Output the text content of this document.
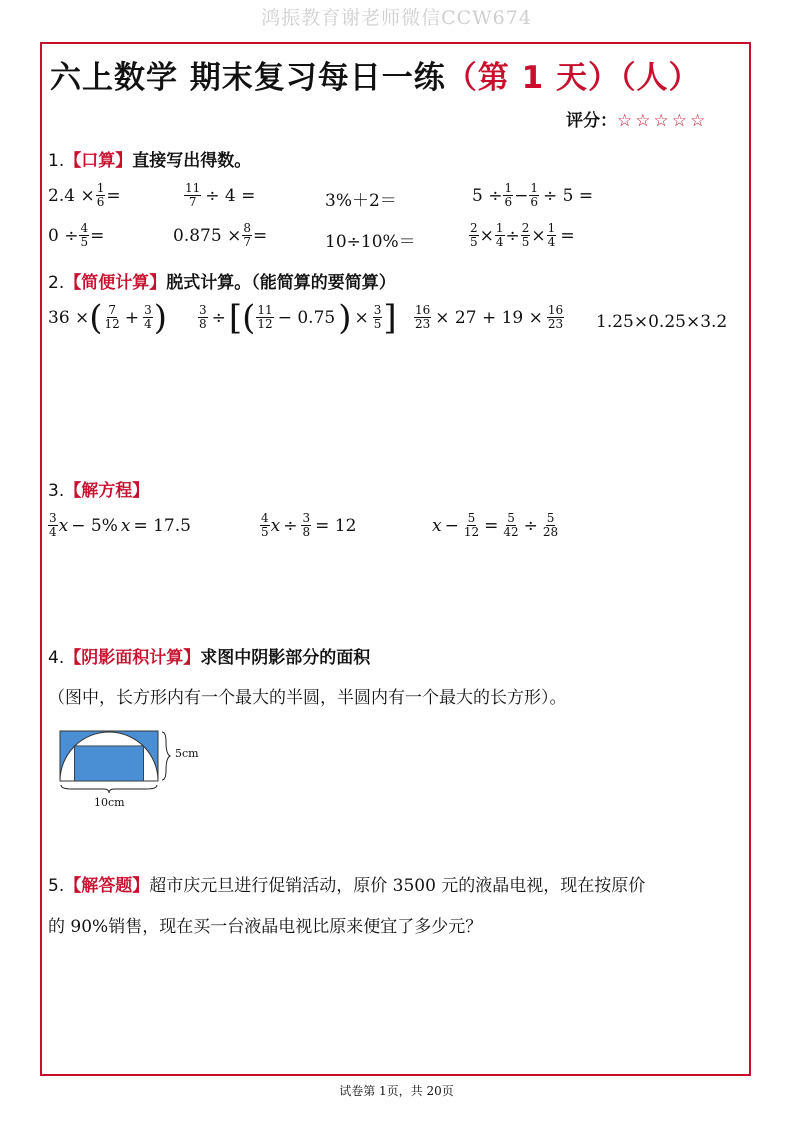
鸿振教育谢老师微信CCW674
六上数学 期末复习每日一练（第 1 天）（人）
评分：☆☆☆☆☆
1.【口算】直接写出得数。
$2.4 \times \frac{1}{6}$ =	$\frac{11}{7} \div 4$ =	3%＋2＝	$5 \div \frac{1}{6} - \frac{1}{6} \div 5$ =
$0 \div \frac{4}{5}$ =	$0.875 \times \frac{8}{7}$ =	10÷10%＝	$\frac{2}{5} \times \frac{1}{4} \div \frac{2}{5} \times \frac{1}{4}$ =
2.【简便计算】脱式计算。（能简算的要简算）
36 × ( $\frac{7}{12} + \frac{3}{4}$ )	$\frac{3}{8}$ ÷ [ ( $\frac{11}{12} - 0.75$ ) × $\frac{3}{5}$ ] $\frac{16}{23} \times 27 + 19 \times \frac{16}{23} 1.25\times 0.25\times 3.2$
3.【解方程】
$\frac{3}{4}$ x − 5% x = 17.5	$\frac{4}{5}$ $x \div \frac{3}{8} = 12$	$x - \frac{5}{12} = \frac{5}{42} \div \frac{5}{28}$
4.【阴影面积计算】求图中阴影部分的面积
（图中，长方形内有一个最大的半圆，半圆内有一个最大的长方形）。
5cm
10cm
5.【解答题】超市庆元旦进行促销活动，原价 3500 元的液晶电视，现在按原价
的 90%销售，现在买一台液晶电视比原来便宜了多少元？
试卷第 1页，共 20页
